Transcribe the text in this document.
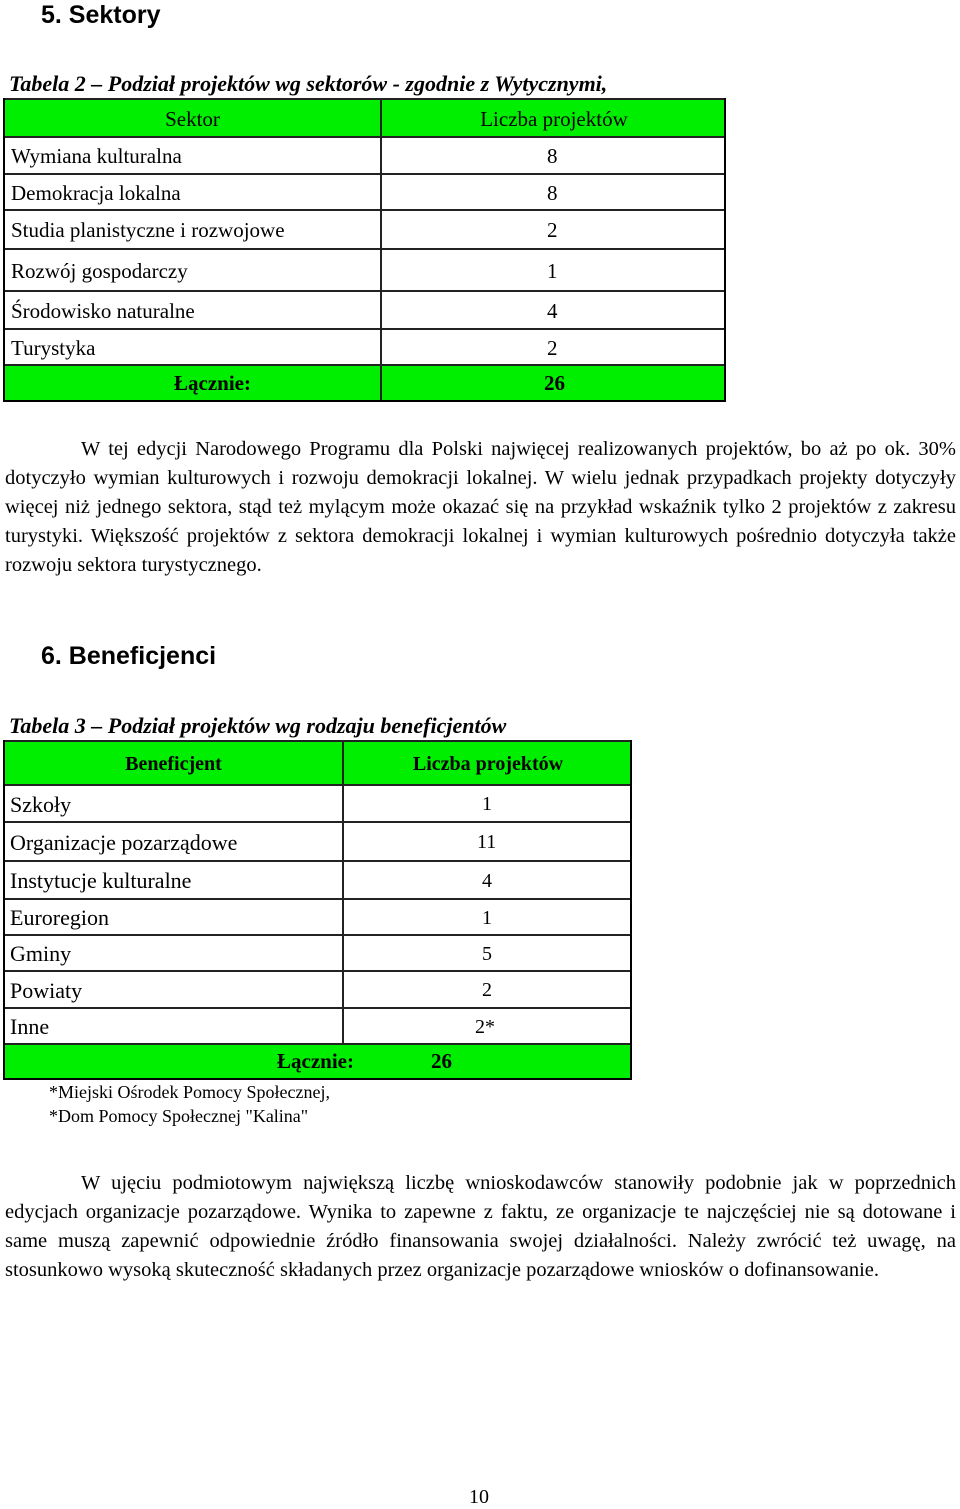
5. Sektory
Tabela 2 – Podział projektów wg sektorów - zgodnie z Wytycznymi,
Sektor	Liczba projektów
Wymiana kulturalna	8
Demokracja lokalna	8
Studia planistyczne i rozwojowe	2
Rozwój gospodarczy	1
Środowisko naturalne	4
Turystyka	2
Łącznie:	26

W tej edycji Narodowego Programu dla Polski najwięcej realizowanych projektów, bo aż po ok. 30% dotyczyło wymian kulturowych i rozwoju demokracji lokalnej. W wielu jednak przypadkach projekty dotyczyły więcej niż jednego sektora, stąd też mylącym może okazać się na przykład wskaźnik tylko 2 projektów z zakresu turystyki. Większość projektów z sektora demokracji lokalnej i wymian kulturowych pośrednio dotyczyła także rozwoju sektora turystycznego.

6. Beneficjenci
Tabela 3 – Podział projektów wg rodzaju beneficjentów
Beneficjent	Liczba projektów
Szkoły	1
Organizacje pozarządowe	11
Instytucje kulturalne	4
Euroregion	1
Gminy	5
Powiaty	2
Inne	2*
Łącznie:	26
*Miejski Ośrodek Pomocy Społecznej,
*Dom Pomocy Społecznej "Kalina"

W ujęciu podmiotowym największą liczbę wnioskodawców stanowiły podobnie jak w poprzednich edycjach organizacje pozarządowe. Wynika to zapewne z faktu, ze organizacje te najczęściej nie są dotowane i same muszą zapewnić odpowiednie źródło finansowania swojej działalności. Należy zwrócić też uwagę, na stosunkowo wysoką skuteczność składanych przez organizacje pozarządowe wniosków o dofinansowanie.

10
